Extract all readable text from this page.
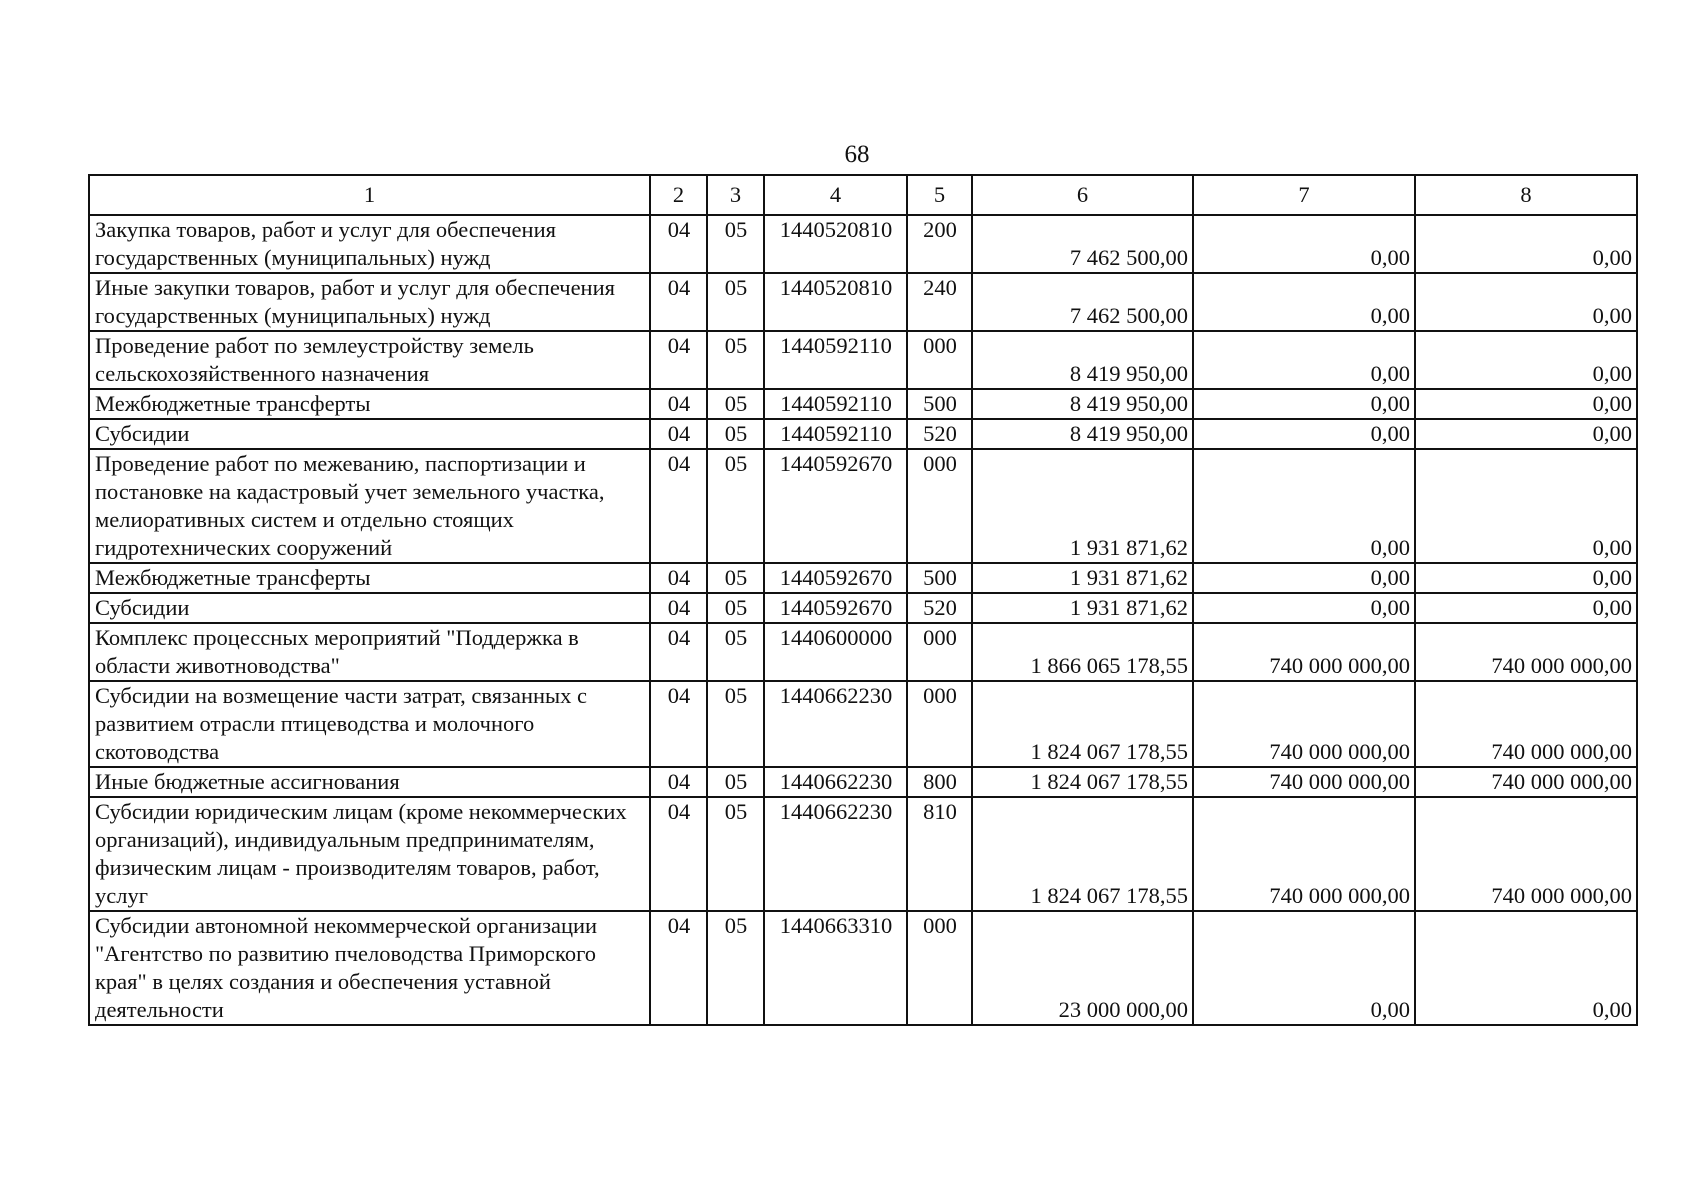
68
1	2	3	4	5	6	7	8
Закупка товаров, работ и услуг для обеспечения государственных (муниципальных) нужд	04	05	1440520810	200	7 462 500,00	0,00	0,00
Иные закупки товаров, работ и услуг для обеспечения государственных (муниципальных) нужд	04	05	1440520810	240	7 462 500,00	0,00	0,00
Проведение работ по землеустройству земель сельскохозяйственного назначения	04	05	1440592110	000	8 419 950,00	0,00	0,00
Межбюджетные трансферты	04	05	1440592110	500	8 419 950,00	0,00	0,00
Субсидии	04	05	1440592110	520	8 419 950,00	0,00	0,00
Проведение работ по межеванию, паспортизации и постановке на кадастровый учет земельного участка, мелиоративных систем и отдельно стоящих гидротехнических сооружений	04	05	1440592670	000	1 931 871,62	0,00	0,00
Межбюджетные трансферты	04	05	1440592670	500	1 931 871,62	0,00	0,00
Субсидии	04	05	1440592670	520	1 931 871,62	0,00	0,00
Комплекс процессных мероприятий "Поддержка в области животноводства"	04	05	1440600000	000	1 866 065 178,55	740 000 000,00	740 000 000,00
Субсидии на возмещение части затрат, связанных с развитием отрасли птицеводства и молочного скотоводства	04	05	1440662230	000	1 824 067 178,55	740 000 000,00	740 000 000,00
Иные бюджетные ассигнования	04	05	1440662230	800	1 824 067 178,55	740 000 000,00	740 000 000,00
Субсидии юридическим лицам (кроме некоммерческих организаций), индивидуальным предпринимателям, физическим лицам - производителям товаров, работ, услуг	04	05	1440662230	810	1 824 067 178,55	740 000 000,00	740 000 000,00
Субсидии автономной некоммерческой организации "Агентство по развитию пчеловодства Приморского края" в целях создания и обеспечения уставной деятельности	04	05	1440663310	000	23 000 000,00	0,00	0,00
